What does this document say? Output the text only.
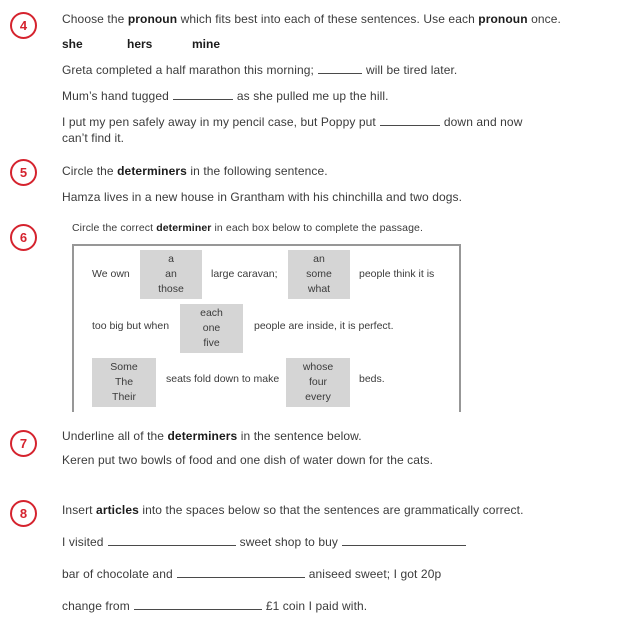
4	Choose the pronoun which fits best into each of these sentences. Use each pronoun once.

she	hers	mine

Greta completed a half marathon this morning;	will be tired later.

Mum’s hand tugged	as she pulled me up the hill.

I put my pen safely away in my pencil case, but Poppy put	down and now

can’t find it.

5	Circle the determiners in the following sentence.

Hamza lives in a new house in Grantham with his chinchilla and two dogs.

6

Circle the correct determiner in each box below to complete the passage.

We own
a
an
those
large caravan;
an
some
what
people think it is
too big but when
each
one
five
people are inside, it is perfect.
Some
The
Their
seats fold down to make
whose
four
every
beds.
7	Underline all of the determiners in the sentence below.

Keren put two bowls of food and one dish of water down for the cats.

8	Insert articles into the spaces below so that the sentences are grammatically correct.

I visited	sweet shop to buy

bar of chocolate and	aniseed sweet; I got 20p

change from	£1 coin I paid with.
